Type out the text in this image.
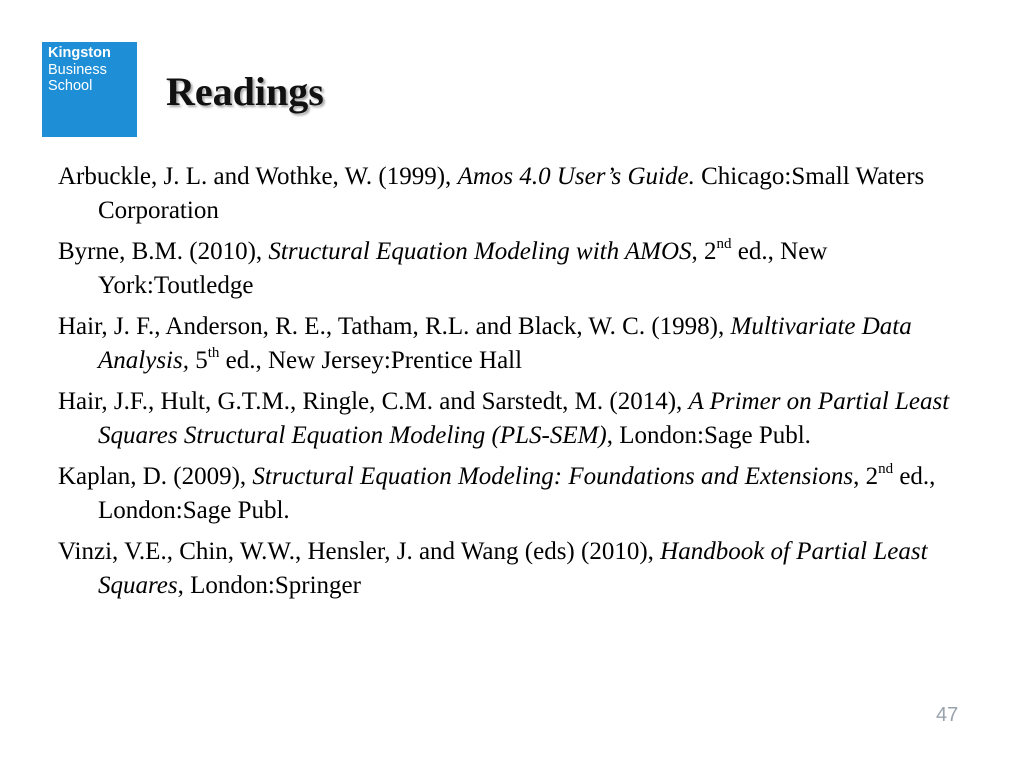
Kingston
Business
School	Readings

Arbuckle, J. L. and Wothke, W. (1999), Amos 4.0 User’s Guide. Chicago:Small Waters Corporation

Byrne, B.M. (2010), Structural Equation Modeling with AMOS, 2nd ed., New York:Toutledge

Hair, J. F., Anderson, R. E., Tatham, R.L. and Black, W. C. (1998), Multivariate Data Analysis, 5th ed., New Jersey:Prentice Hall

Hair, J.F., Hult, G.T.M., Ringle, C.M. and Sarstedt, M. (2014), A Primer on Partial Least Squares Structural Equation Modeling (PLS-SEM), London:Sage Publ.

Kaplan, D. (2009), Structural Equation Modeling: Foundations and Extensions, 2nd ed., London:Sage Publ.

Vinzi, V.E., Chin, W.W., Hensler, J. and Wang (eds) (2010), Handbook of Partial Least Squares, London:Springer

47
